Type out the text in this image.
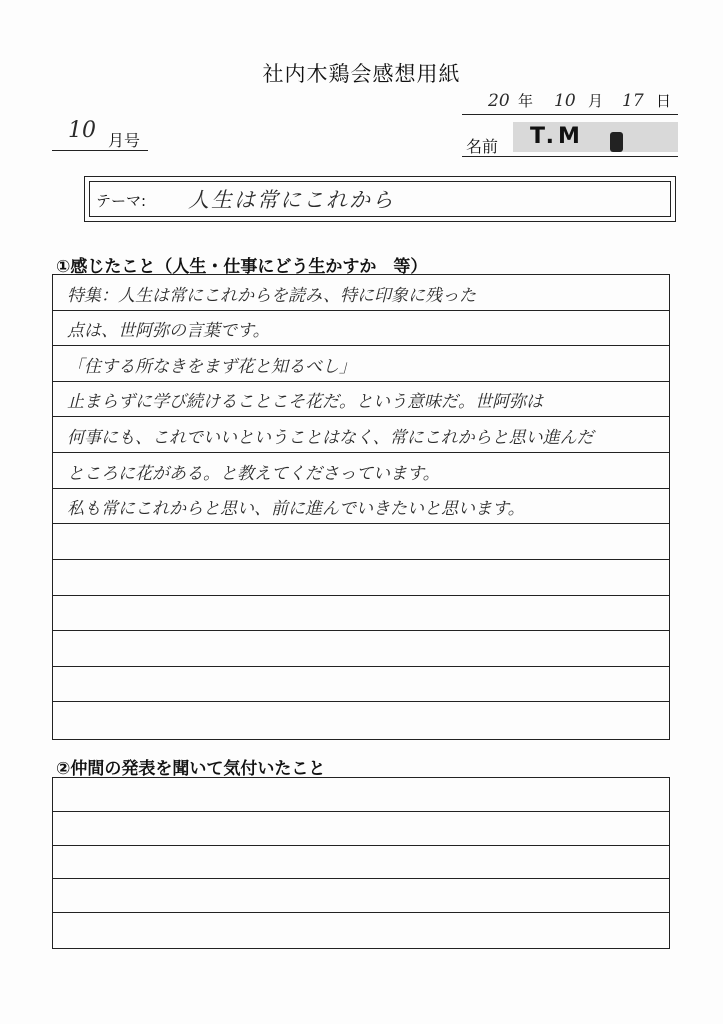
社内木鶏会感想用紙
20 年 10 月 17 日
10 月号	名前 T.M
テーマ: 人生は常にこれから
①感じたこと（人生・仕事にどう生かすか　等）
特集：人生は常にこれからを読み、特に印象に残った
点は、世阿弥の言葉です。
「住する所なきをまず花と知るべし」
止まらずに学び続けることこそ花だ。という意味だ。世阿弥は
何事にも、これでいいということはなく、常にこれからと思い進んだ
ところに花がある。と教えてくださっています。
私も常にこれからと思い、前に進んでいきたいと思います。
②仲間の発表を聞いて気付いたこと
